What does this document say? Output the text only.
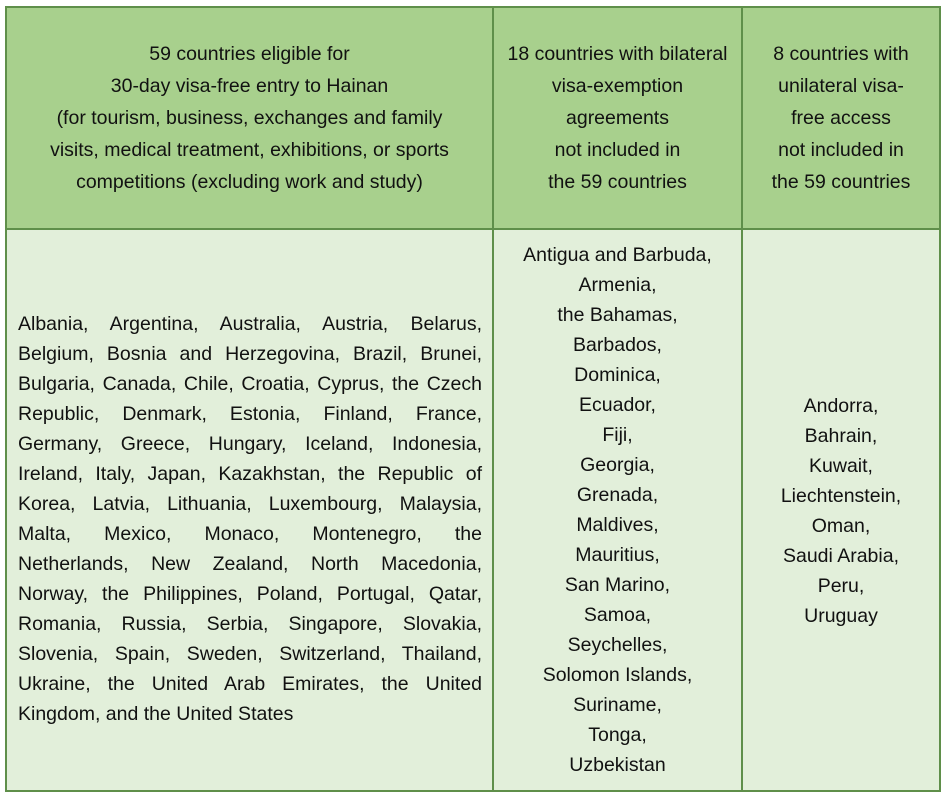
59 countries eligible for
30-day visa-free entry to Hainan
(for tourism, business, exchanges and family
visits, medical treatment, exhibitions, or sports
competitions (excluding work and study)
18 countries with bilateral
visa-exemption
agreements
not included in
the 59 countries
8 countries with
unilateral visa-
free access
not included in
the 59 countries
Albania, Argentina, Australia, Austria, Belarus, Belgium, Bosnia and Herzegovina, Brazil, Brunei, Bulgaria, Canada, Chile, Croatia, Cyprus, the Czech Republic, Denmark, Estonia, Finland, France, Germany, Greece, Hungary, Iceland, Indonesia, Ireland, Italy, Japan, Kazakhstan, the Republic of Korea, Latvia, Lithuania, Luxembourg, Malaysia, Malta, Mexico, Monaco, Montenegro, the Netherlands, New Zealand, North Macedonia, Norway, the Philippines, Poland, Portugal, Qatar, Romania, Russia, Serbia, Singapore, Slovakia, Slovenia, Spain, Sweden, Switzerland, Thailand, Ukraine, the United Arab Emirates, the United Kingdom, and the United States
Antigua and Barbuda,
Armenia,
the Bahamas,
Barbados,
Dominica,
Ecuador,
Fiji,
Georgia,
Grenada,
Maldives,
Mauritius,
San Marino,
Samoa,
Seychelles,
Solomon Islands,
Suriname,
Tonga,
Uzbekistan
Andorra,
Bahrain,
Kuwait,
Liechtenstein,
Oman,
Saudi Arabia,
Peru,
Uruguay
